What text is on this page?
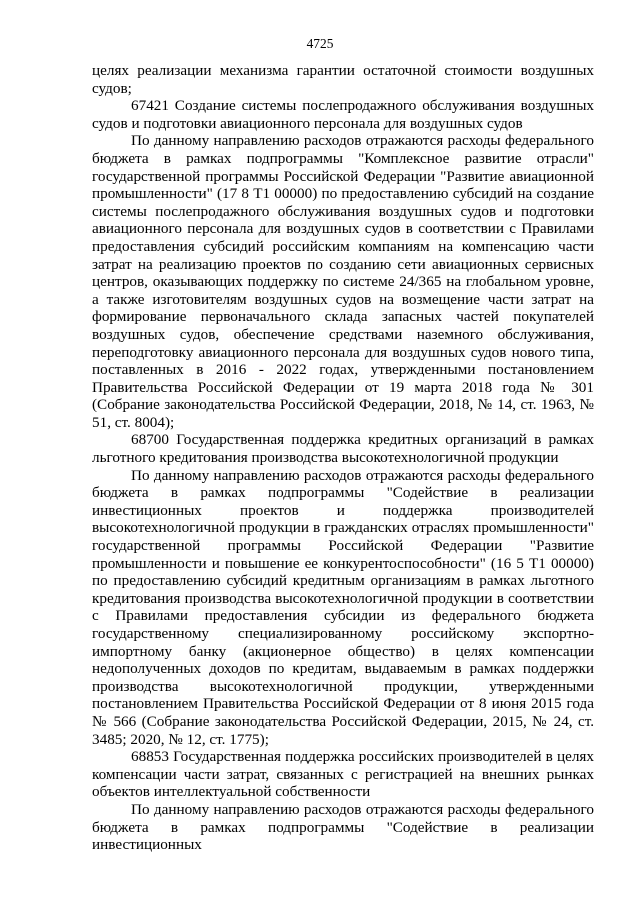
4725

целях реализации механизма гарантии остаточной стоимости воздушных судов;

67421 Создание системы послепродажного обслуживания воздушных судов и подготовки авиационного персонала для воздушных судов

По данному направлению расходов отражаются расходы федерального бюджета в рамках подпрограммы "Комплексное развитие отрасли" государственной программы Российской Федерации "Развитие авиационной промышленности" (17 8 Т1 00000) по предоставлению субсидий на создание системы послепродажного обслуживания воздушных судов и подготовки авиационного персонала для воздушных судов в соответствии с Правилами предоставления субсидий российским компаниям на компенсацию части затрат на реализацию проектов по созданию сети авиационных сервисных центров, оказывающих поддержку по системе 24/365 на глобальном уровне, а также изготовителям воздушных судов на возмещение части затрат на формирование первоначального склада запасных частей покупателей воздушных судов, обеспечение средствами наземного обслуживания, переподготовку авиационного персонала для воздушных судов нового типа, поставленных в 2016 - 2022 годах, утвержденными постановлением Правительства Российской Федерации от 19 марта 2018 года № 301 (Собрание законодательства Российской Федерации, 2018, № 14, ст. 1963, № 51, ст. 8004);

68700 Государственная поддержка кредитных организаций в рамках льготного кредитования производства высокотехнологичной продукции

По данному направлению расходов отражаются расходы федерального бюджета в рамках подпрограммы "Содействие в реализации инвестиционных проектов и поддержка производителей высокотехнологичной продукции в гражданских отраслях промышленности" государственной программы Российской Федерации "Развитие промышленности и повышение ее конкурентоспособности" (16 5 Т1 00000) по предоставлению субсидий кредитным организациям в рамках льготного кредитования производства высокотехнологичной продукции в соответствии с Правилами предоставления субсидии из федерального бюджета государственному специализированному российскому экспортно-импортному банку (акционерное общество) в целях компенсации недополученных доходов по кредитам, выдаваемым в рамках поддержки производства высокотехнологичной продукции, утвержденными постановлением Правительства Российской Федерации от 8 июня 2015 года № 566 (Собрание законодательства Российской Федерации, 2015, № 24, ст. 3485; 2020, № 12, ст. 1775);

68853 Государственная поддержка российских производителей в целях компенсации части затрат, связанных с регистрацией на внешних рынках объектов интеллектуальной собственности

По данному направлению расходов отражаются расходы федерального бюджета в рамках подпрограммы "Содействие в реализации инвестиционных
